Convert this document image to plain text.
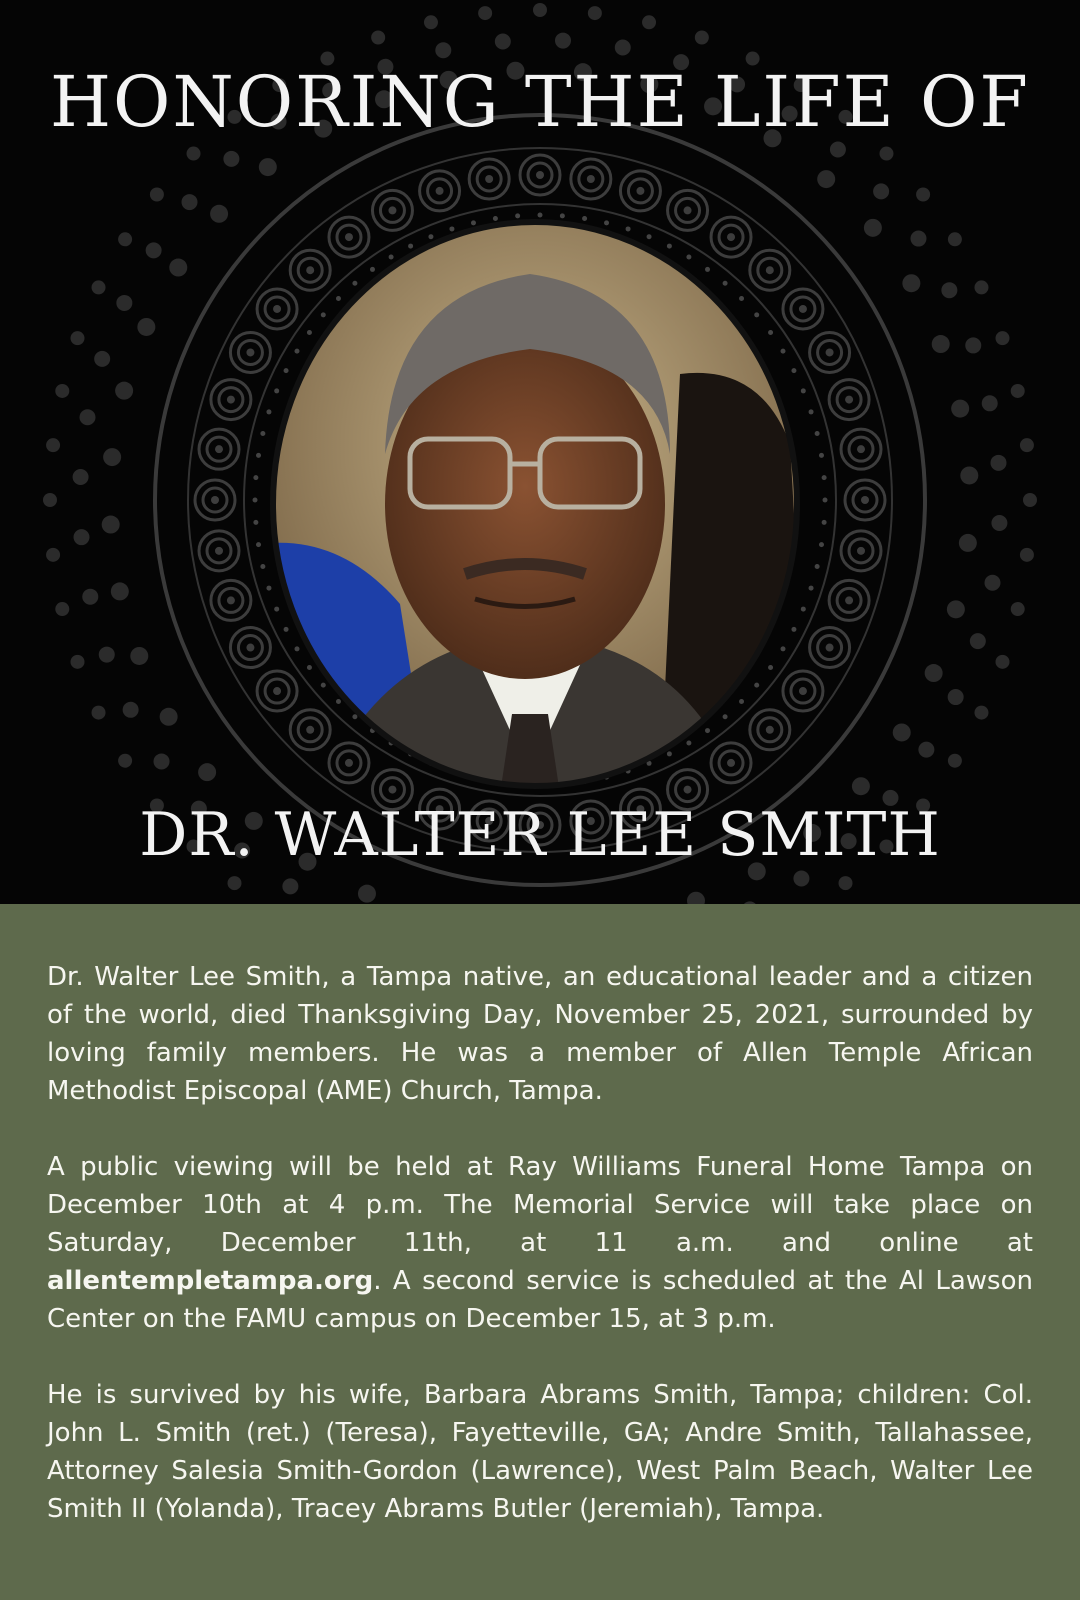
HONORING THE LIFE OF
DR. WALTER LEE SMITH

Dr. Walter Lee Smith, a Tampa native, an educational leader and a citizen of the world, died Thanksgiving Day, November 25, 2021, surrounded by loving family members. He was a member of Allen Temple African Methodist Episcopal (AME) Church, Tampa.

A public viewing will be held at Ray Williams Funeral Home Tampa on December 10th at 4 p.m. The Memorial Service will take place on Saturday, December 11th, at 11 a.m. and online at allentempletampa.org. A second service is scheduled at the Al Lawson Center on the FAMU campus on December 15, at 3 p.m.

He is survived by his wife, Barbara Abrams Smith, Tampa; children: Col. John L. Smith (ret.) (Teresa), Fayetteville, GA; Andre Smith, Tallahassee, Attorney Salesia Smith-Gordon (Lawrence), West Palm Beach, Walter Lee Smith II (Yolanda), Tracey Abrams Butler (Jeremiah), Tampa.
